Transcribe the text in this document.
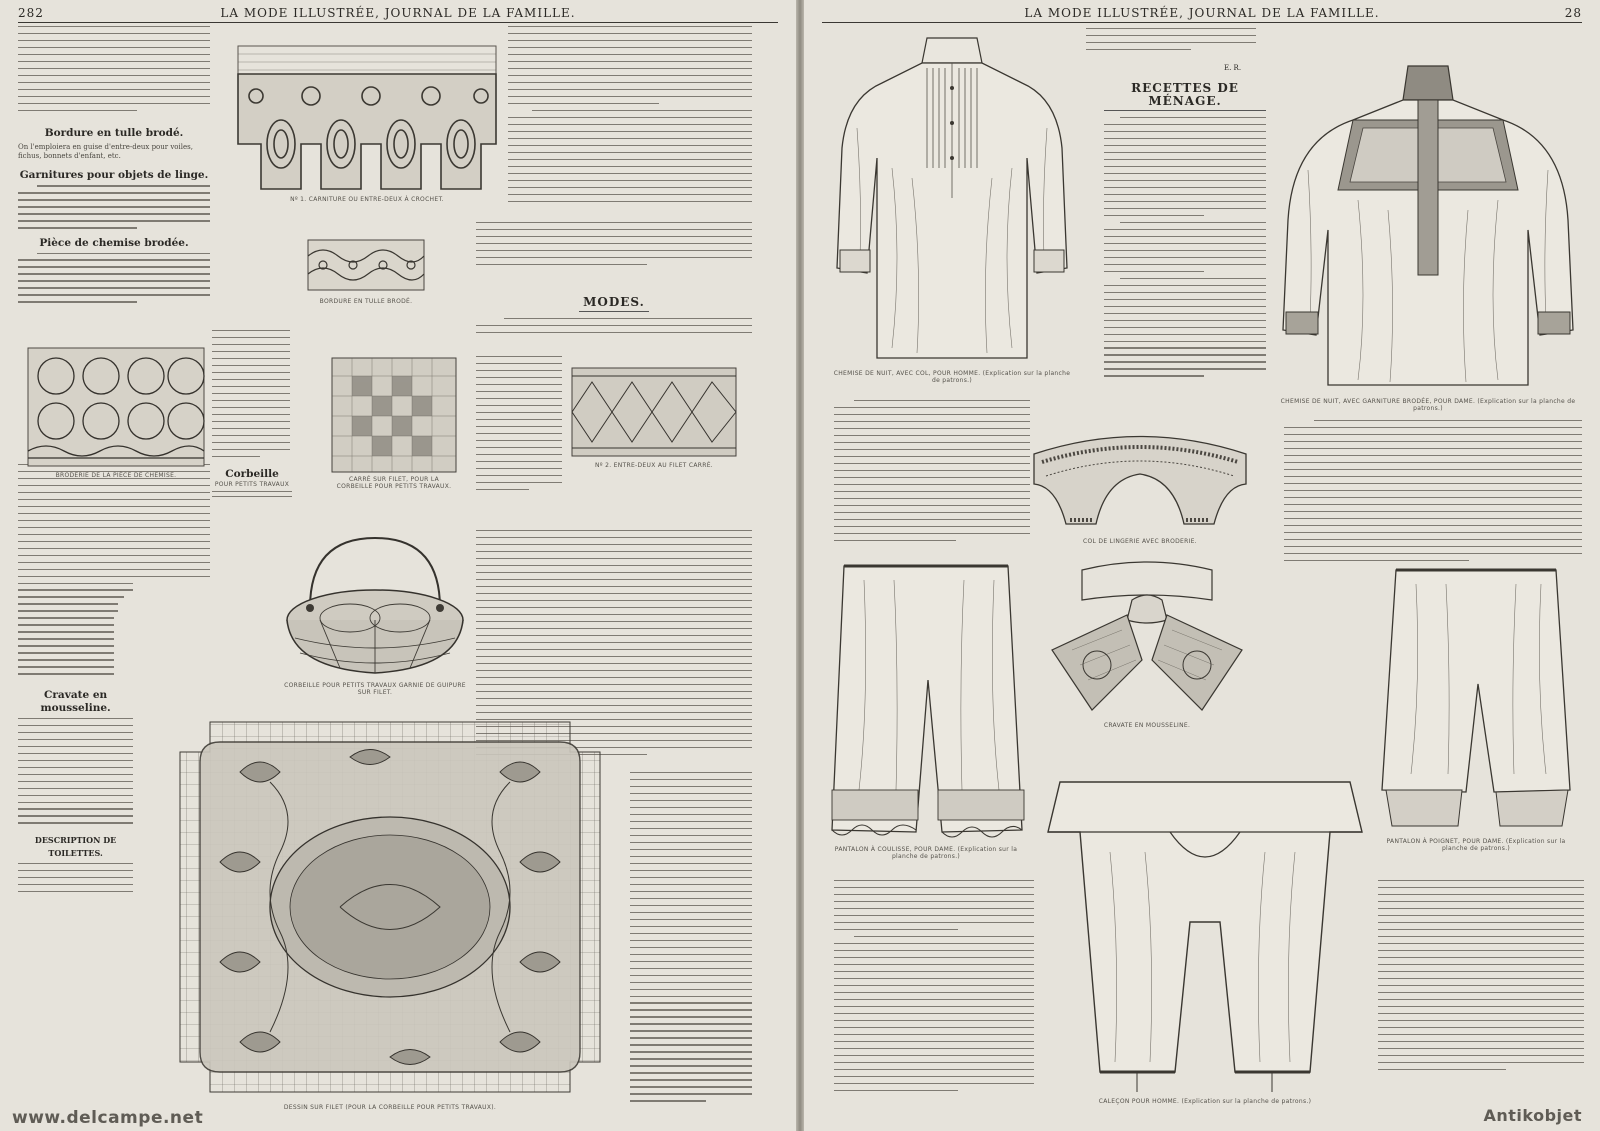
282	LA MODE ILLUSTRÉE, JOURNAL DE LA FAMILLE.
Bordure en tulle brodé.
On l'emploiera en guise d'entre-deux pour voiles, fichus, bonnets d'enfant, etc.
Garnitures pour objets de linge.
Pièce de chemise brodée.
Cravate en mousseline.
DESCRIPTION DE TOILETTES.
Nº 1. CARNITURE OU ENTRE-DEUX À CROCHET.
BORDURE EN TULLE BRODÉ.
BRODERIE DE LA PIÈCE DE CHEMISE.	Corbeille
POUR PETITS TRAVAUX
CARRÉ SUR FILET, POUR LA CORBEILLE POUR PETITS TRAVAUX.
CORBEILLE POUR PETITS TRAVAUX GARNIE DE GUIPURE SUR FILET.
MODES.
Nº 2. ENTRE-DEUX AU FILET CARRÉ.
DESSIN SUR FILET (POUR LA CORBEILLE POUR PETITS TRAVAUX).
www.delcampe.net
LA MODE ILLUSTRÉE, JOURNAL DE LA FAMILLE.	28
CHEMISE DE NUIT, AVEC COL, POUR HOMME. (Explication sur la planche de patrons.)
E. R.
RECETTES DE MÉNAGE.
CHEMISE DE NUIT, AVEC GARNITURE BRODÉE, POUR DAME. (Explication sur la planche de patrons.)
COL DE LINGERIE AVEC BRODERIE.
PANTALON À COULISSE, POUR DAME. (Explication sur la planche de patrons.)
CRAVATE EN MOUSSELINE.
PANTALON À POIGNET, POUR DAME. (Explication sur la planche de patrons.)
CALEÇON POUR HOMME. (Explication sur la planche de patrons.)
Antikobjet
